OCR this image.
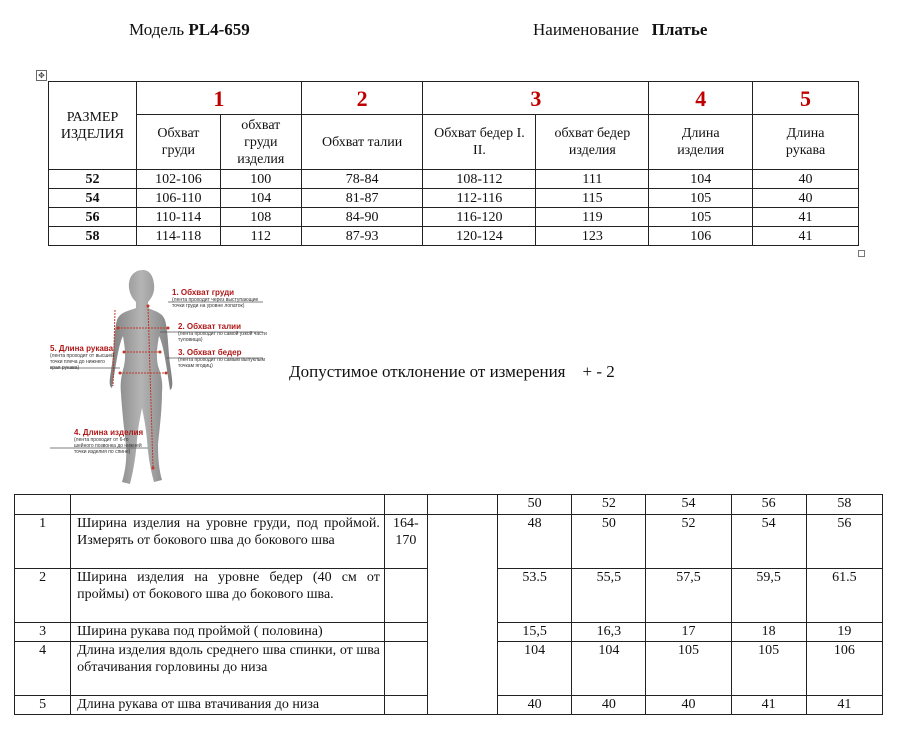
Модель PL4-659	Наименование Платье
✥
РАЗМЕР ИЗДЕЛИЯ	1		2	3		4	5
	Обхват груди	обхват груди изделия	Обхват талии	Обхват бедер I. II.	обхват бедер изделия	Длина изделия	Длина рукава
52	102-106	100	78-84	108-112	111	104	40
54	106-110	104	81-87	112-116	115	105	40
56	110-114	108	84-90	116-120	119	105	41
58	114-118	112	87-93	120-124	123	106	41
1. Обхват груди
(лента проходит через выступающие точки груди на уровне лопаток)
2. Обхват талии
(лента проходит по самой узкой части туловища)
3. Обхват бедер
(лента проходит по самым выпуклым точкам ягодиц)
5. Длина рукава
(лента проходит от высшей точки плеча до нижнего края рукава)
4. Длина изделия
(лента проходит от 6-го шейного позвонка до нижней точки изделия по спине)
Допустимое отклонение от измерения + - 2
				50	52	54	56	58
1	Ширина изделия на уровне груди, под проймой. Измерять от бокового шва до бокового шва	164-170		48	50	52	54	56
2	Ширина изделия на уровне бедер (40 см от проймы) от бокового шва до бокового шва.			53.5	55,5	57,5	59,5	61.5
3	Ширина рукава под проймой ( половина)			15,5	16,3	17	18	19
4	Длина изделия вдоль среднего шва спинки, от шва обтачивания горловины до низа			104	104	105	105	106
5	Длина рукава от шва втачивания до низа			40	40	40	41	41
